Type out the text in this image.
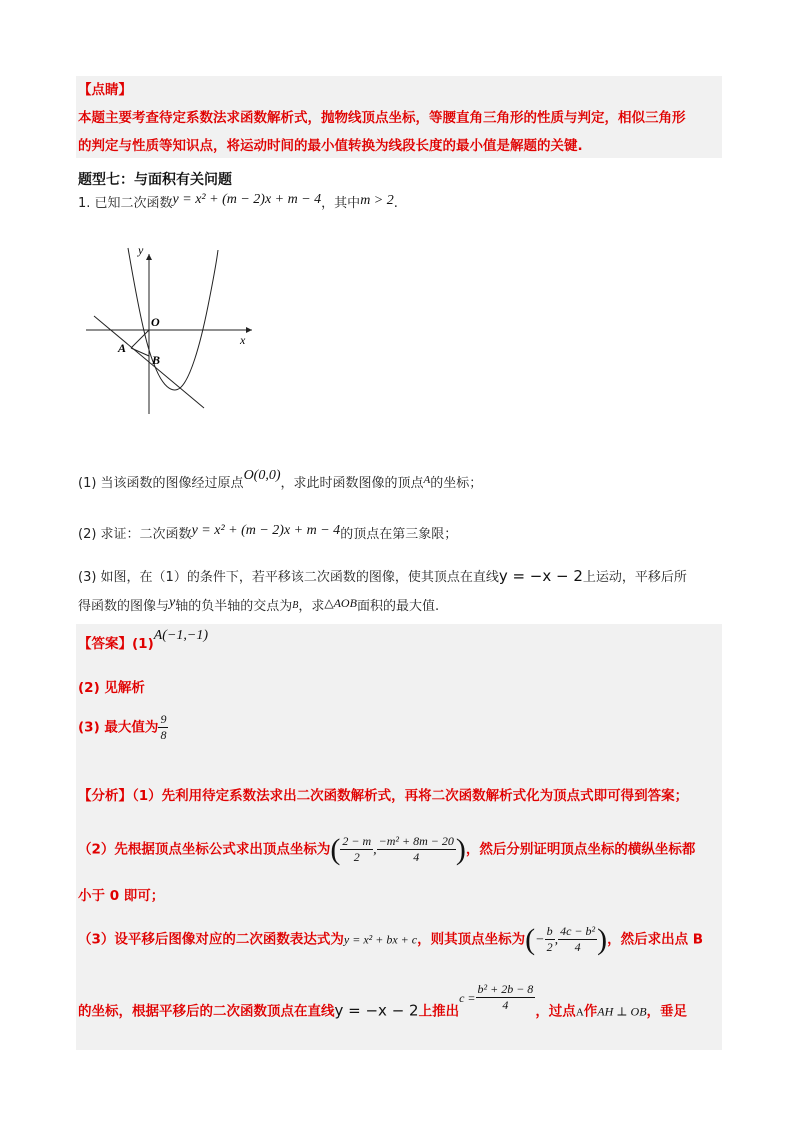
【点睛】
本题主要考查待定系数法求函数解析式，抛物线顶点坐标，等腰直角三角形的性质与判定，相似三角形
的判定与性质等知识点，将运动时间的最小值转换为线段长度的最小值是解题的关键.
题型七：与面积有关问题
1. 已知二次函数y = x² + (m − 2)x + m − 4，其中m > 2.
y
x
O
A
B
(1) 当该函数的图像经过原点O(0,0)，求此时函数图像的顶点$^A$的坐标；
(2) 求证：二次函数y = x² + (m − 2)x + m − 4的顶点在第三象限；
(3) 如图，在（1）的条件下，若平移该二次函数的图像，使其顶点在直线y = −x − 2上运动，平移后所
得函数的图像与y轴的负半轴的交点为B，求△AOB面积的最大值.
【答案】(1)A(−1,−1)
(2) 见解析
(3) 最大值为 $\frac{9}{8}$
【分析】（1）先利用待定系数法求出二次函数解析式，再将二次函数解析式化为顶点式即可得到答案；
（2）先根据顶点坐标公式求出顶点坐标为( $\frac{2 - m}{2}$ , $\frac{\text{−m² + 8m − 20}}{4}$ )，然后分别证明顶点坐标的横纵坐标都
小于 0 即可；
（3）设平移后图像对应的二次函数表达式为y = x² + bx + c，则其顶点坐标为(− $\frac{b}{2}$ , $\frac{\text{4c − b²}}{4}$ )，然后求出点 B
的坐标，根据平移后的二次函数顶点在直线y = −x − 2上推出$c = \frac{\text{b² + 2b − 8}}{4}$ ，过点A作AH ⊥ OB，垂足
